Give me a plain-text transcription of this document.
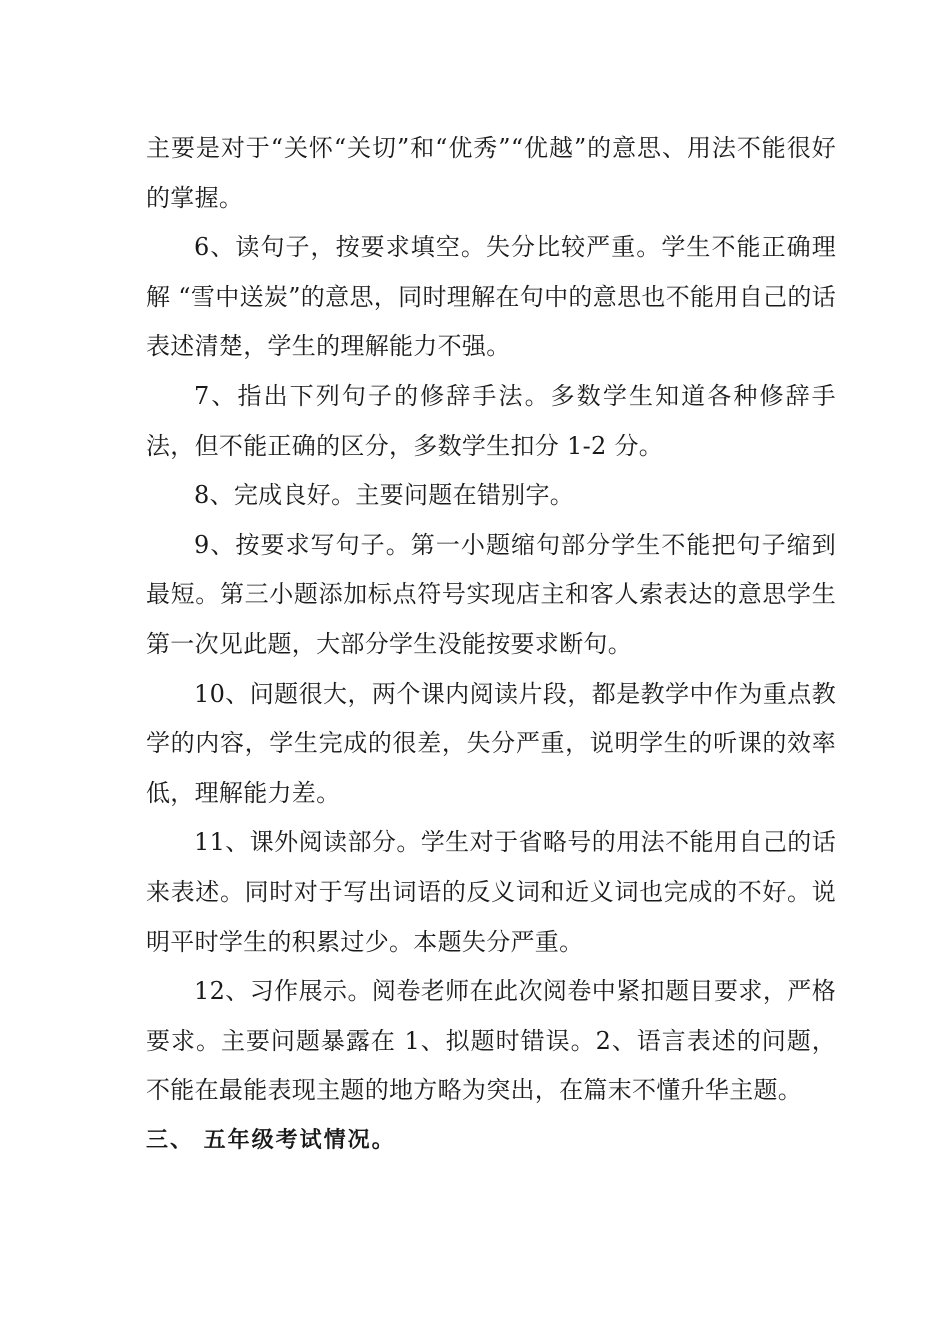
主要是对于“关怀“关切”和“优秀”“优越”的意思、用法不能很好的掌握。

6、读句子，按要求填空。失分比较严重。学生不能正确理解 “雪中送炭”的意思，同时理解在句中的意思也不能用自己的话表述清楚，学生的理解能力不强。

7、指出下列句子的修辞手法。多数学生知道各种修辞手法，但不能正确的区分，多数学生扣分 1-2 分。

8、完成良好。主要问题在错别字。

9、按要求写句子。第一小题缩句部分学生不能把句子缩到最短。第三小题添加标点符号实现店主和客人索表达的意思学生第一次见此题，大部分学生没能按要求断句。

10、问题很大，两个课内阅读片段，都是教学中作为重点教学的内容，学生完成的很差，失分严重，说明学生的听课的效率低，理解能力差。

11、课外阅读部分。学生对于省略号的用法不能用自己的话来表述。同时对于写出词语的反义词和近义词也完成的不好。说明平时学生的积累过少。本题失分严重。

12、习作展示。阅卷老师在此次阅卷中紧扣题目要求，严格要求。主要问题暴露在 1、拟题时错误。2、语言表述的问题，不能在最能表现主题的地方略为突出，在篇末不懂升华主题。

三、 五年级考试情况。
